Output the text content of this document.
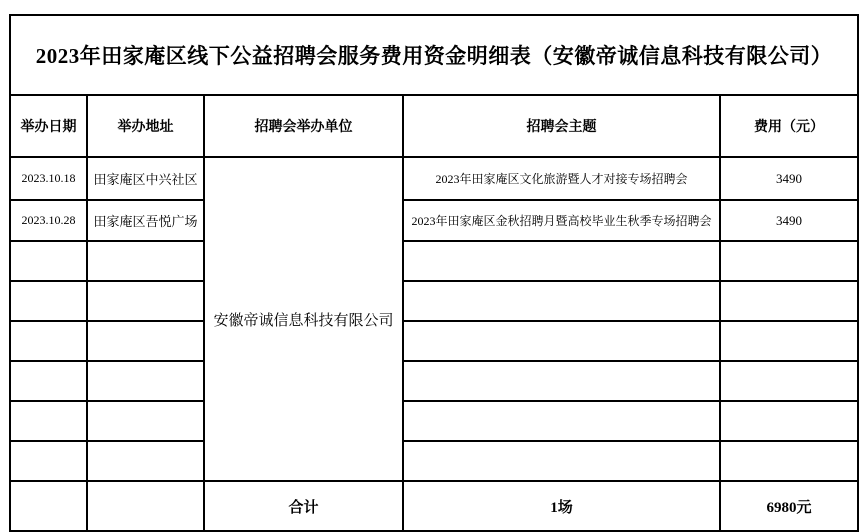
2023年田家庵区线下公益招聘会服务费用资金明细表（安徽帝诚信息科技有限公司）				
举办日期	举办地址	招聘会举办单位	招聘会主题	费用（元）
2023.10.18	田家庵区中兴社区	安徽帝诚信息科技有限公司	2023年田家庵区文化旅游暨人才对接专场招聘会	3490
2023.10.28	田家庵区吾悦广场		2023年田家庵区金秋招聘月暨高校毕业生秋季专场招聘会	3490

		合计	1场	6980元
